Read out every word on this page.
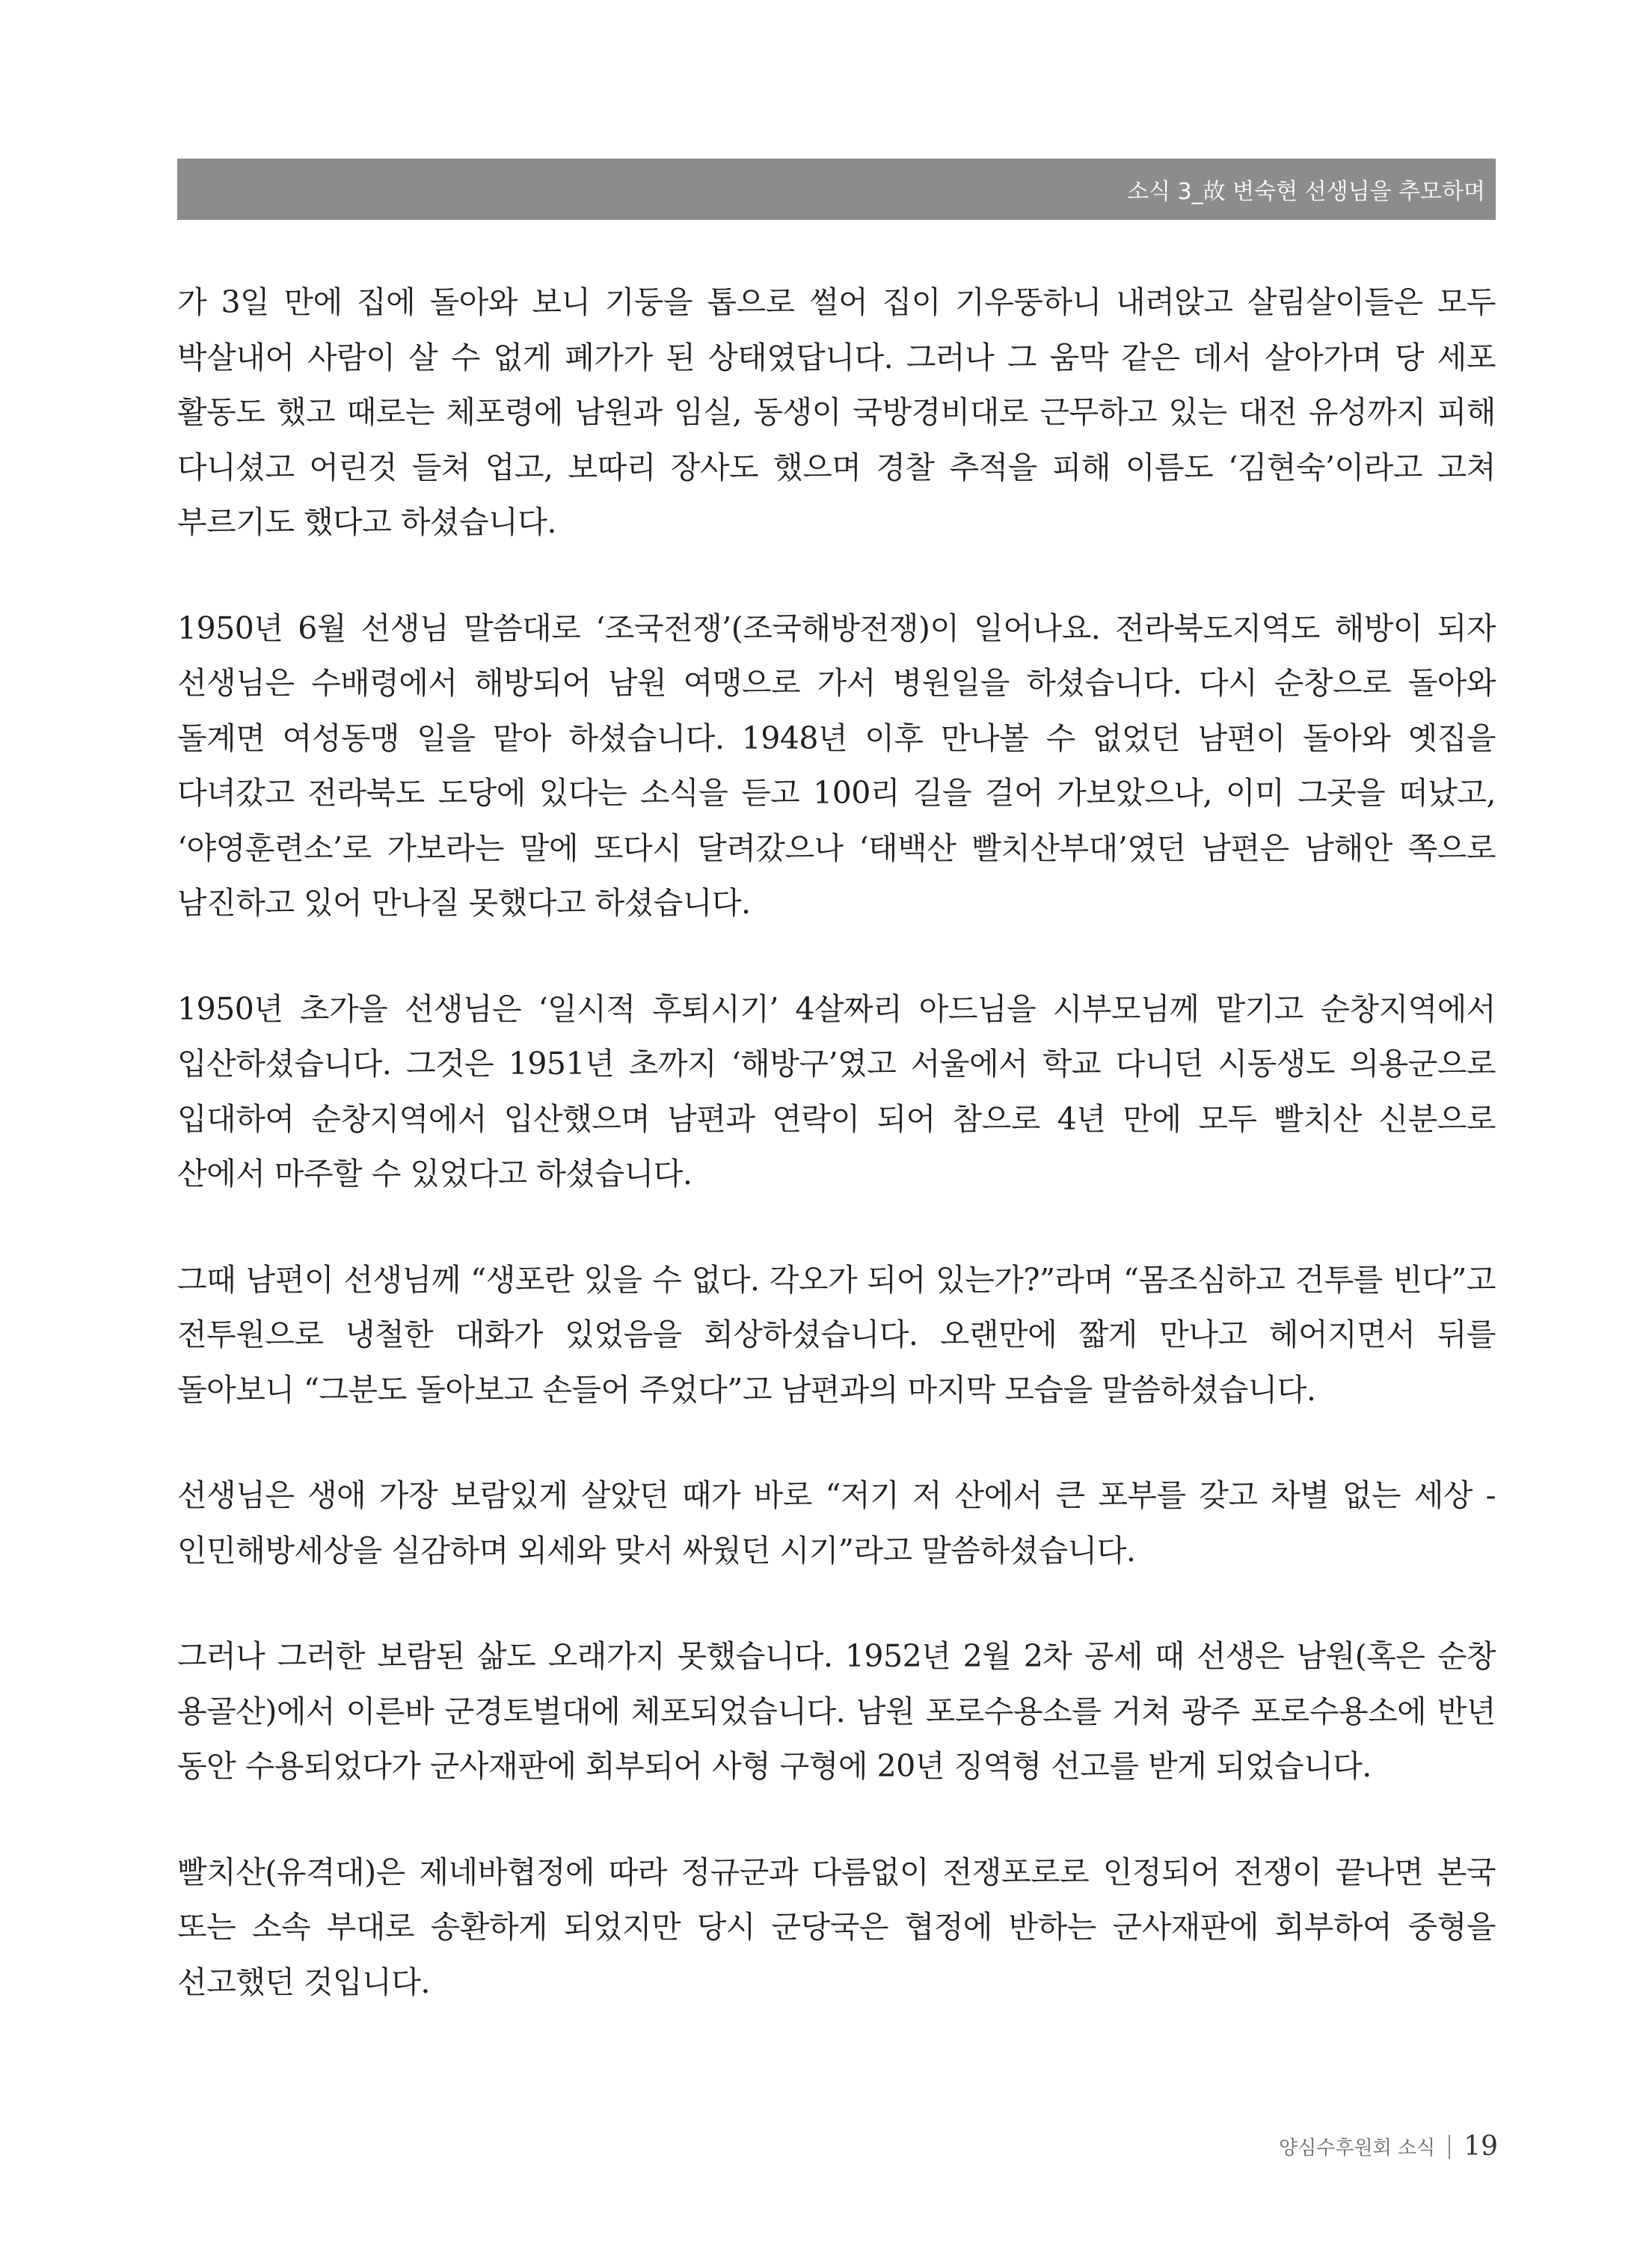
소식 3_故 변숙현 선생님을 추모하며

가 3일 만에 집에 돌아와 보니 기둥을 톱으로 썰어 집이 기우뚱하니 내려앉고 살림살이들은 모두 박살내어 사람이 살 수 없게 폐가가 된 상태였답니다. 그러나 그 움막 같은 데서 살아가며 당 세포 활동도 했고 때로는 체포령에 남원과 임실, 동생이 국방경비대로 근무하고 있는 대전 유성까지 피해 다니셨고 어린것 들쳐 업고, 보따리 장사도 했으며 경찰 추적을 피해 이름도 ‘김현숙’이라고 고쳐 부르기도 했다고 하셨습니다.

1950년 6월 선생님 말씀대로 ‘조국전쟁’(조국해방전쟁)이 일어나요. 전라북도지역도 해방이 되자 선생님은 수배령에서 해방되어 남원 여맹으로 가서 병원일을 하셨습니다. 다시 순창으로 돌아와 돌계면 여성동맹 일을 맡아 하셨습니다. 1948년 이후 만나볼 수 없었던 남편이 돌아와 옛집을 다녀갔고 전라북도 도당에 있다는 소식을 듣고 100리 길을 걸어 가보았으나, 이미 그곳을 떠났고, ‘야영훈련소’로 가보라는 말에 또다시 달려갔으나 ‘태백산 빨치산부대’였던 남편은 남해안 쪽으로 남진하고 있어 만나질 못했다고 하셨습니다.

1950년 초가을 선생님은 ‘일시적 후퇴시기’ 4살짜리 아드님을 시부모님께 맡기고 순창지역에서 입산하셨습니다. 그것은 1951년 초까지 ‘해방구’였고 서울에서 학교 다니던 시동생도 의용군으로 입대하여 순창지역에서 입산했으며 남편과 연락이 되어 참으로 4년 만에 모두 빨치산 신분으로 산에서 마주할 수 있었다고 하셨습니다.

그때 남편이 선생님께 “생포란 있을 수 없다. 각오가 되어 있는가?”라며 “몸조심하고 건투를 빈다”고 전투원으로 냉철한 대화가 있었음을 회상하셨습니다. 오랜만에 짧게 만나고 헤어지면서 뒤를 돌아보니 “그분도 돌아보고 손들어 주었다”고 남편과의 마지막 모습을 말씀하셨습니다.

선생님은 생애 가장 보람있게 살았던 때가 바로 “저기 저 산에서 큰 포부를 갖고 차별 없는 세상 - 인민해방세상을 실감하며 외세와 맞서 싸웠던 시기”라고 말씀하셨습니다.

그러나 그러한 보람된 삶도 오래가지 못했습니다. 1952년 2월 2차 공세 때 선생은 남원(혹은 순창 용골산)에서 이른바 군경토벌대에 체포되었습니다. 남원 포로수용소를 거쳐 광주 포로수용소에 반년 동안 수용되었다가 군사재판에 회부되어 사형 구형에 20년 징역형 선고를 받게 되었습니다.

빨치산(유격대)은 제네바협정에 따라 정규군과 다름없이 전쟁포로로 인정되어 전쟁이 끝나면 본국 또는 소속 부대로 송환하게 되었지만 당시 군당국은 협정에 반하는 군사재판에 회부하여 중형을 선고했던 것입니다.

양심수후원회 소식 19
